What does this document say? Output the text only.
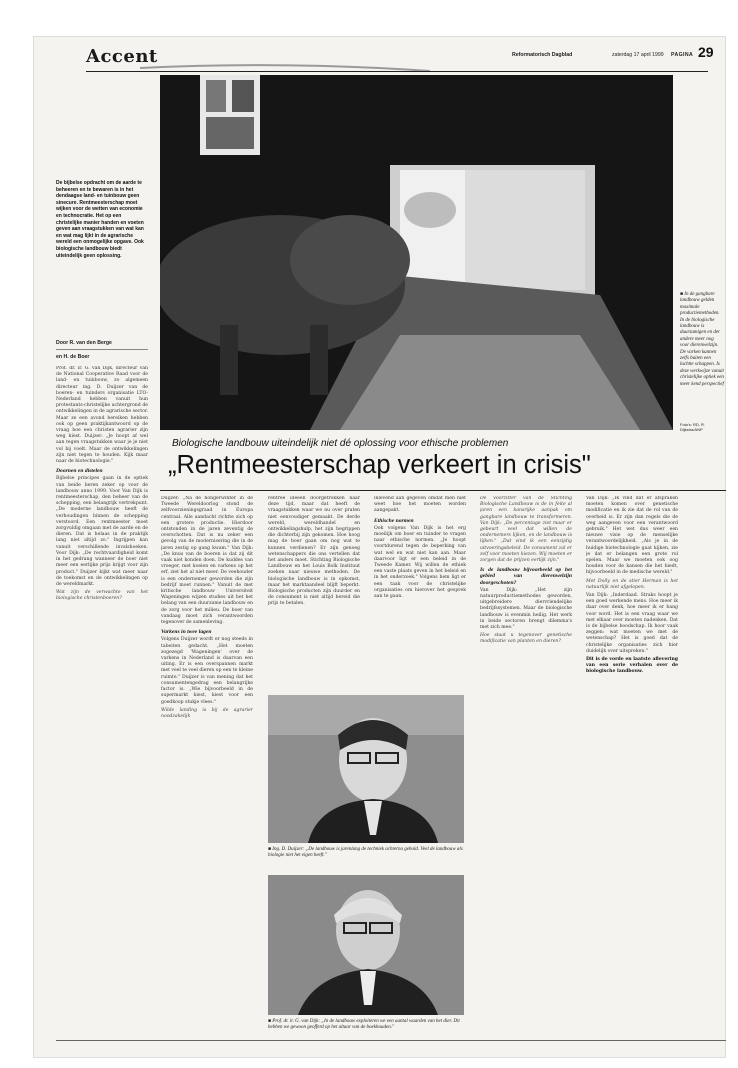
Accent	Reformatorisch Dagblad	zaterdag 17 april 1999 PAGINA 29
De bijbelse opdracht om de aarde te beheeren en te bewaren is in het dendaagse land- en tuinbouw geen sinecure. Rentmeesterschap moet wijken voor de wetten van economie en technocratie. Het op een christelijke manier handen en voeten geven aan vraagstukken van wat kan en wat mag lijkt in de agrarische wereld een onmogelijke opgave. Ook biologische landbouw biedt uiteindelijk geen oplossing.
Door R. van den Berge
en H. de Boer

Prof. dr. ir. G. van Dijk, directeur van de National Cooperative Raad voor de land- en tuinbouw, zo algemeen directeur ing. D. Duijzer van de boeren- en tuinders organisatie LTO-Nederland hebben vanuit hun protestants-christelijke achtergrond de ontwikkelingen in de agrarische sector. Maar ze een avond bereiken hebben ook op geen praktijkantwoord op de vraag hoe een christen agrarier zijn weg kiest. Duijzer: „Je hoopt af wel aan tegen vraagstukken waar je je niet vol bij voelt. Maar de ontwikkelingen zijn niet tegen te houden. Kijk maar naar de biotechnologie."

Doornen en distelen

Bijbelse principes gaan in de optiek van beide heren zeker op voor de landbouw anno 1999. Voor Van Dijk is rentmeesterschap, den beheer van de schepping, een belangrijk vertrekpunt. „De moderne landbouw heeft de verhoudingen binnen de schepping verstoord. Een rentmeester moet zorgvuldig omgaan met de aarde en de dieren. Dat is helaas in de praktijk lang niet altijd zo." Ingrijpen kan vanuit verschillende invalshoeken. Voor Dijk: „De rechtvaardigheid komt in het gedrang wanneer de boer niet meer een eerlijke prijs krijgt voor zijn product." Duijzer kijkt wat meer naar de toekomst en de ontwikkelingen op de wereldmarkt.

Wat zijn de verwachte van het biologische christenboeren?

■ In de gangbare landbouw gelden maximale productiemethoden. In de biologische landbouw is duurzamigen en der andere meer nog voor dierenwelzijn. De varken kunnen zelfs buiten een luchtte schappen. Is deze werkwijze vanuit christelijke optiek een meer kend perspectief
Foto's: RD, R. Dijkstra/ANP
Biologische landbouw uiteindelijk niet dé oplossing voor ethische problemen
„Rentmeesterschap verkeert in crisis"

Duijzer: „Na de hongerwinter in de Tweede Wereldoorlog stond de zelfvoorzieningsgraad in Europa centraal. Alle aandacht richtte zich op een grotere productie. Hierdoor ontstonden in de jaren zeventig de overschotten. Dat is nu zeker een gevolg van de modernisering die in de jaren zestig op gang kwam." Van Dijk: „De knus van de boeren is dat zij dit vaak niet konden doen. De kuddes van vroeger, met koeien en varkens op het erf, ziet het al niet meer. De veehouder is een ondernemer geworden die zijn bedrijf moet runnen." Vanuit de met kritische landbouw Universiteit Wageningen wijzen studies uit het het belang van een duurzame landbouw en de zorg voor het milieu. De boer van vandaag moet zich verantwoorden tegenover de samenleving.

Varkens in twee lagen

Volgens Duijzer wordt er nog steeds in tabeiten gedacht. „Het moeten zogezegd 'Wageningen' over de varkens in Nederland is daarvan een uiting. Er is een overspannen markt met veel te veel dieren op een te kleine ruimte." Duijzer is van mening dat het consumentengedrag een belangrijke factor is. „Wie bijvoorbeeld in de supermarkt kiest, kiest voor een goedkoop stukje vlees."

Wilde landing is bij de agrarier noodzakelijk

rentree ideeën doorgetrokken naar deze tijd, maar dat heeft de vraagstukken waar we nu over praten niet eenvoudiger gemaakt. De derde wereld, wereldhandel en ontwikkelingshulp, het zijn begrippen die dichterbij zijn gekomen. Hoe hoog mag de boer gaan om nog wat te kunnen verdienen? Er zijn genoeg wetenschappers die ons vertellen dat het anders moet. Stichting Biologische Landbouw en het Louis Bolk Instituut zoeken naar nieuwe methoden. De biologische landbouw is in opkomst, maar het marktaandeel blijft beperkt. Biologische producten zijn duurder en de consument is niet altijd bereid die prijs te betalen.

inlevend aan gegeven omdat men niet weet hoe het moeten worden aangepakt.

Ethische normen

Ook volgens Van Dijk is het erg moeilijk om boer en tuinder te vragen naar ethische normen. „Je hoopt voortdurend tegen de beperking van wat wel en wat niet kan aan. Maar daarvoor ligt er een beleid in de Tweede Kamer. Wij willen de ethiek een vaste plaats geven in het beleid en in het onderzoek." Volgens hem ligt er een taak voor de christelijke organisaties om hierover het gesprek aan te gaan.

■ Ing. D. Duijzer: „De landbouw is jarenlang de techniek achterna gehold. Veel de landbouw als biologie niet het eigen heeft."
■ Prof. dr. ir. G. van Dijk: „In de landbouw exploiteren we een aantal waarden van het dier. Dit hebben we gewoon geofferd op het altaar van de boekhouden."

De voorzitter van de Stichting Biologische Landbouw is de in feite al jaren een kansrijke aanpak om gangbare landbouw te transformeren. Van Dijk: „De percentage ziet maar er gebeurt veel dat willen de ondernemers lijken, en de landbouw is lijken." „Dat vind ik een eenzijdig uitvoeringsbeleid. De consument zal er zelf voor moeten kiezen. Wij moeten er zorgen dat de prijzen eerlijk zijn."

Is de landbouw bijvoorbeeld op het gebied van dierenwelzijn doorgeschoten?

Van Dijk: „Het zijn natuurproductiemethodes geworden, uitgebreidere diervriendelijke bedrijfssystemen. Maar de biologische landbouw is evenmin heilig. Het werk in beide sectoren brengt dilemma's met zich mee."

Hoe staat u tegenover genetische modificatie van planten en dieren?

Van Dijk: „Ik vind dat er afspraken moeten komen over genetische modificatie en ik zie dat de rol van de overheid is. Er zijn dan regels die de weg aangeven voor een verantwoord gebruik." Het wet dus weer een nieuwe visie op de menselijke verantwoordelijkheid. „Als je in de huidige biotechnologie gaat kijken, zie je dat er belangen een grote rol spelen. Maar we moeten ook oog houden voor de kansen die het biedt, bijvoorbeeld in de medische wereld."

Met Dolly en de stier Herman is het natuurlijk niet afgelopen.

Van Dijk: „Inderdaad. Straks hoopt je een goed werkende mens. Hoe meer ik daar over denk, hoe meer ik er bang voor word. Het is een vraag waar we met elkaar over moeten nadenken. Dat is de bijbelse boodschap. Ik hoor vaak zeggen: wat moeten we met de wetenschap? Het is goed dat de christelijke organisaties zich hier duidelijk over uitspreken."

Dit is de vorde en laatste aflevering van een serie verhalen over de biologische landbouw.
